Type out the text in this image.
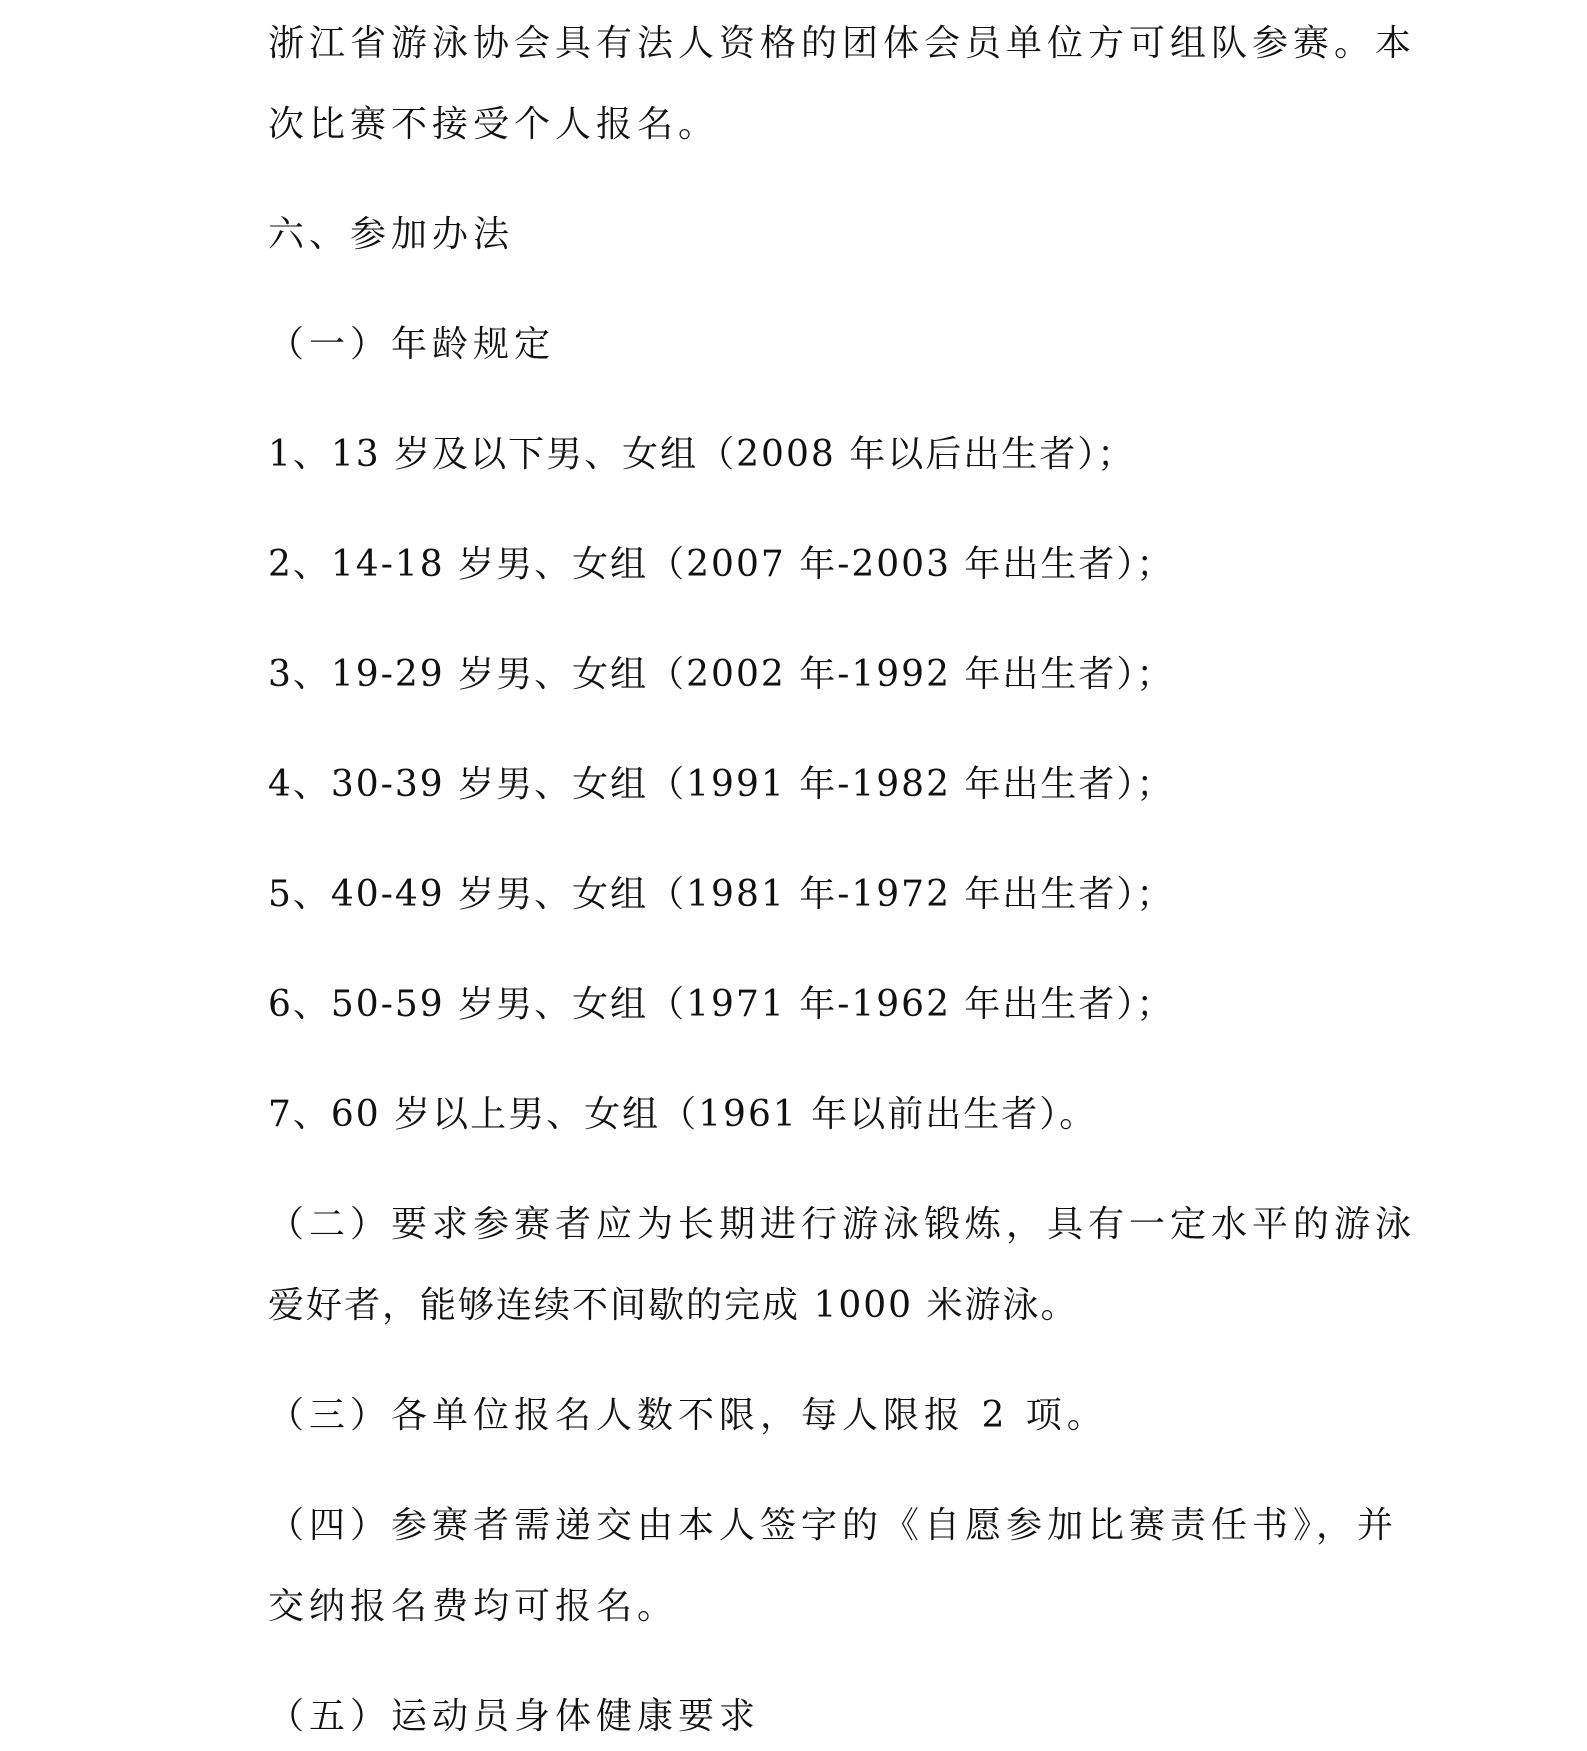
浙江省游泳协会具有法人资格的团体会员单位方可组队参赛。本
次比赛不接受个人报名。
六、参加办法
（一）年龄规定
1、13 岁及以下男、女组（2008 年以后出生者）；
2、14-18 岁男、女组（2007 年-2003 年出生者）；
3、19-29 岁男、女组（2002 年-1992 年出生者）；
4、30-39 岁男、女组（1991 年-1982 年出生者）；
5、40-49 岁男、女组（1981 年-1972 年出生者）；
6、50-59 岁男、女组（1971 年-1962 年出生者）；
7、60 岁以上男、女组（1961 年以前出生者）。
（二）要求参赛者应为长期进行游泳锻炼，具有一定水平的游泳
爱好者，能够连续不间歇的完成 1000 米游泳。
（三）各单位报名人数不限，每人限报 2 项。
（四）参赛者需递交由本人签字的《自愿参加比赛责任书》，并
交纳报名费均可报名。
（五）运动员身体健康要求
